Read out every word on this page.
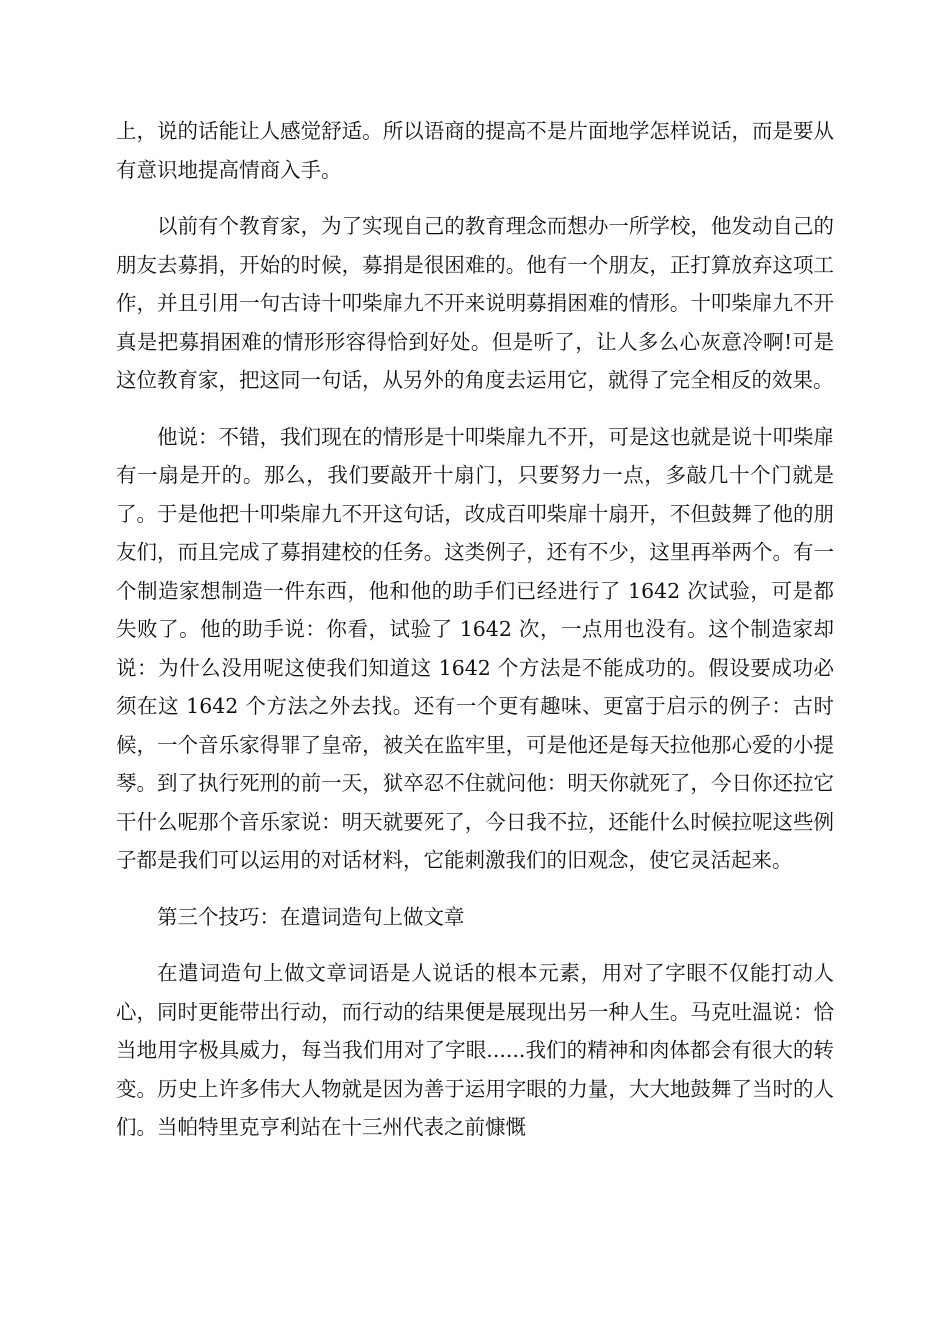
上，说的话能让人感觉舒适。所以语商的提高不是片面地学怎样说话，而是要从有意识地提高情商入手。

以前有个教育家，为了实现自己的教育理念而想办一所学校，他发动自己的朋友去募捐，开始的时候，募捐是很困难的。他有一个朋友，正打算放弃这项工作，并且引用一句古诗十叩柴扉九不开来说明募捐困难的情形。十叩柴扉九不开真是把募捐困难的情形形容得恰到好处。但是听了，让人多么心灰意冷啊!可是这位教育家，把这同一句话，从另外的角度去运用它，就得了完全相反的效果。

他说：不错，我们现在的情形是十叩柴扉九不开，可是这也就是说十叩柴扉有一扇是开的。那么，我们要敲开十扇门，只要努力一点，多敲几十个门就是了。于是他把十叩柴扉九不开这句话，改成百叩柴扉十扇开，不但鼓舞了他的朋友们，而且完成了募捐建校的任务。这类例子，还有不少，这里再举两个。有一个制造家想制造一件东西，他和他的助手们已经进行了 1642 次试验，可是都失败了。他的助手说：你看，试验了 1642 次，一点用也没有。这个制造家却说：为什么没用呢这使我们知道这 1642 个方法是不能成功的。假设要成功必须在这 1642 个方法之外去找。还有一个更有趣味、更富于启示的例子：古时候，一个音乐家得罪了皇帝，被关在监牢里，可是他还是每天拉他那心爱的小提琴。到了执行死刑的前一天，狱卒忍不住就问他：明天你就死了，今日你还拉它干什么呢那个音乐家说：明天就要死了，今日我不拉，还能什么时候拉呢这些例子都是我们可以运用的对话材料，它能刺激我们的旧观念，使它灵活起来。

第三个技巧：在遣词造句上做文章

在遣词造句上做文章词语是人说话的根本元素，用对了字眼不仅能打动人心，同时更能带出行动，而行动的结果便是展现出另一种人生。马克吐温说：恰当地用字极具威力，每当我们用对了字眼......我们的精神和肉体都会有很大的转变。历史上许多伟大人物就是因为善于运用字眼的力量，大大地鼓舞了当时的人们。当帕特里克亨利站在十三州代表之前慷慨
